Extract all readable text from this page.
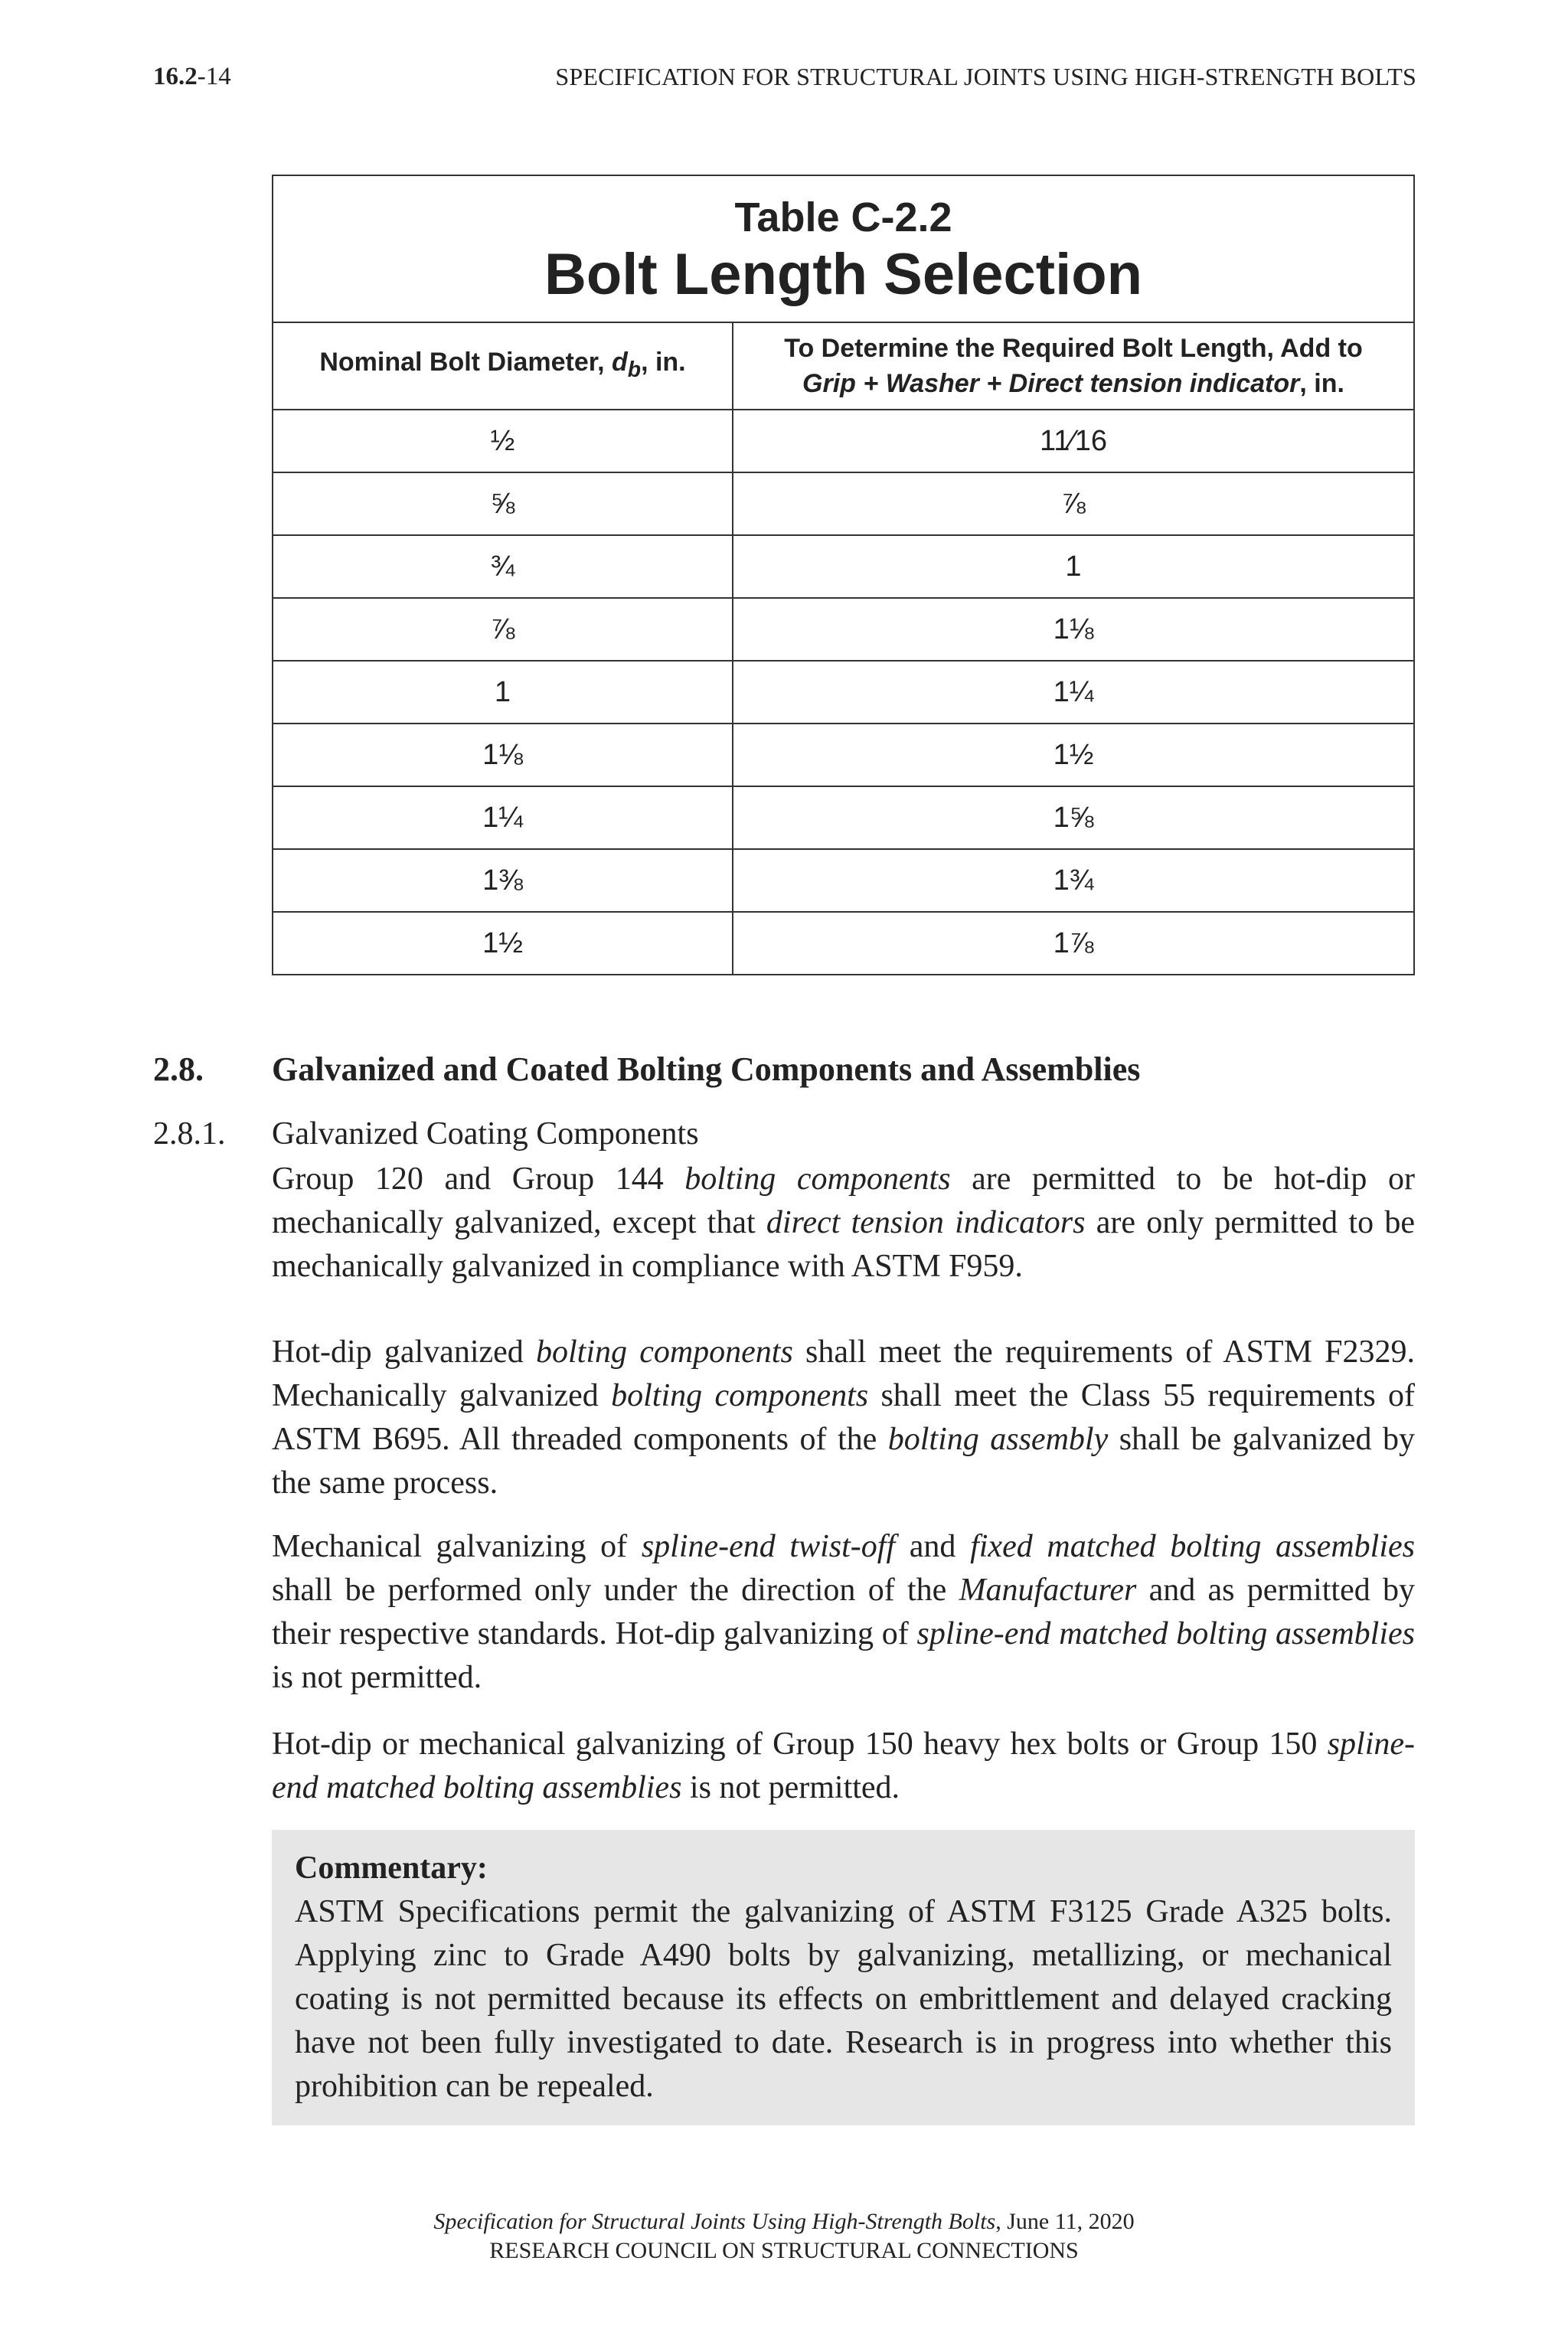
16.2-14	SPECIFICATION FOR STRUCTURAL JOINTS USING HIGH-STRENGTH BOLTS
Table C-2.2
Bolt Length Selection	

Nominal Bolt Diameter, $d_b$, in.	To Determine the Required Bolt Length, Add to
Grip + Washer + Direct tension indicator, in.
½	11⁄16
⅝	⅞
¾	1
⅞	1⅛
1	1¼
1⅛	1½
1¼	1⅝
1⅜	1¾
1½	1⅞
2.8. Galvanized and Coated Bolting Components and Assemblies
2.8.1. Galvanized Coating Components

Group 120 and Group 144 bolting components are permitted to be hot-dip or mechanically galvanized, except that direct tension indicators are only permitted to be mechanically galvanized in compliance with ASTM F959.

Hot-dip galvanized bolting components shall meet the requirements of ASTM F2329. Mechanically galvanized bolting components shall meet the Class 55 requirements of ASTM B695. All threaded components of the bolting assembly shall be galvanized by the same process.

Mechanical galvanizing of spline-end twist-off and fixed matched bolting assemblies shall be performed only under the direction of the Manufacturer and as permitted by their respective standards. Hot-dip galvanizing of spline-end matched bolting assemblies is not permitted.

Hot-dip or mechanical galvanizing of Group 150 heavy hex bolts or Group 150 spline-end matched bolting assemblies is not permitted.

Commentary:
ASTM Specifications permit the galvanizing of ASTM F3125 Grade A325 bolts. Applying zinc to Grade A490 bolts by galvanizing, metallizing, or mechanical coating is not permitted because its effects on embrittlement and delayed cracking have not been fully investigated to date. Research is in progress into whether this prohibition can be repealed.
Specification for Structural Joints Using High-Strength Bolts, June 11, 2020
RESEARCH COUNCIL ON STRUCTURAL CONNECTIONS
